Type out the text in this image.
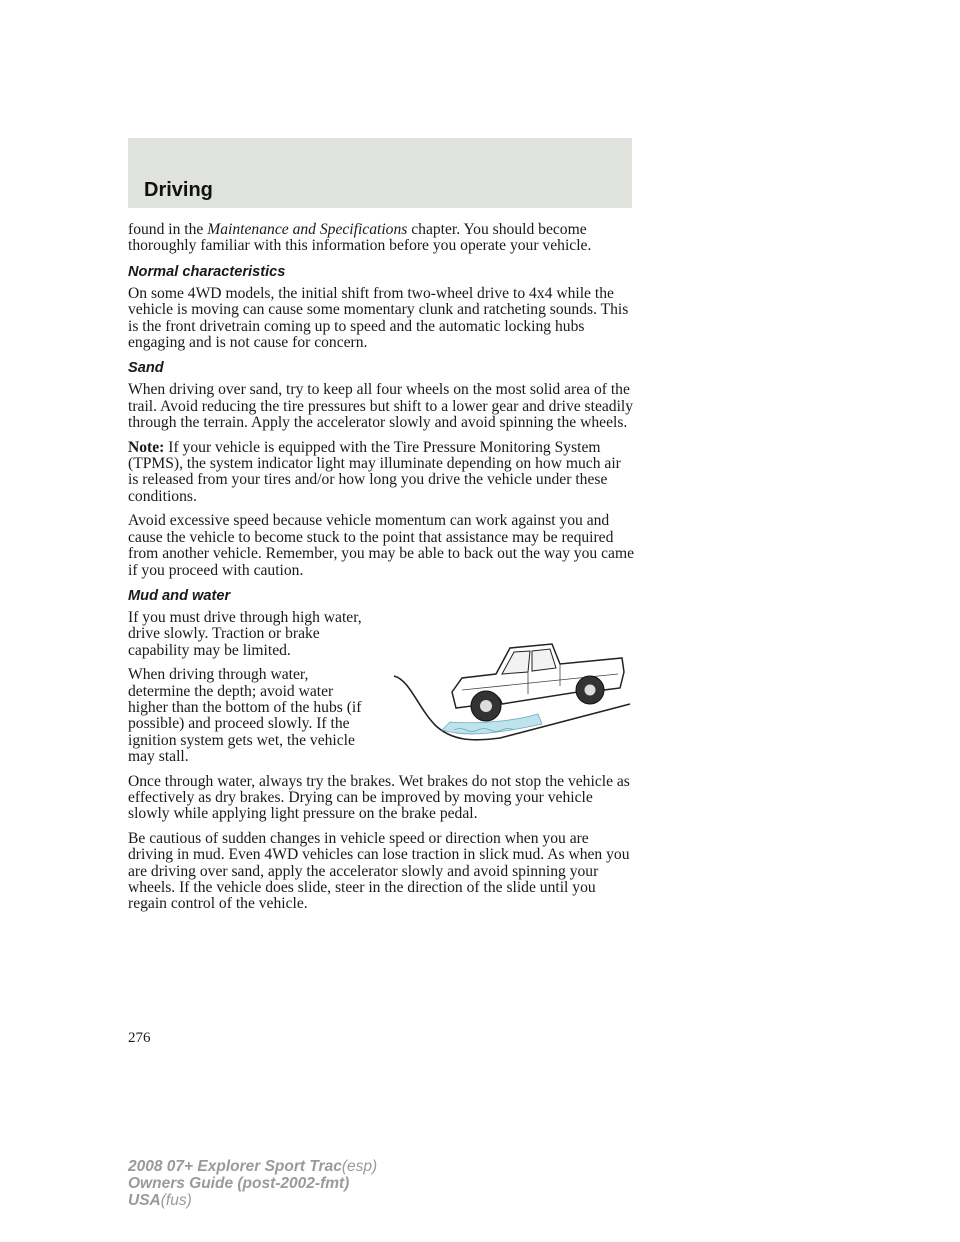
Driving

found in the Maintenance and Specifications chapter. You should become thoroughly familiar with this information before you operate your vehicle.

Normal characteristics

On some 4WD models, the initial shift from two-wheel drive to 4x4 while the vehicle is moving can cause some momentary clunk and ratcheting sounds. This is the front drivetrain coming up to speed and the automatic locking hubs engaging and is not cause for concern.

Sand

When driving over sand, try to keep all four wheels on the most solid area of the trail. Avoid reducing the tire pressures but shift to a lower gear and drive steadily through the terrain. Apply the accelerator slowly and avoid spinning the wheels.

Note: If your vehicle is equipped with the Tire Pressure Monitoring System (TPMS), the system indicator light may illuminate depending on how much air is released from your tires and/or how long you drive the vehicle under these conditions.

Avoid excessive speed because vehicle momentum can work against you and cause the vehicle to become stuck to the point that assistance may be required from another vehicle. Remember, you may be able to back out the way you came if you proceed with caution.

Mud and water

If you must drive through high water, drive slowly. Traction or brake capability may be limited.

When driving through water, determine the depth; avoid water higher than the bottom of the hubs (if possible) and proceed slowly. If the ignition system gets wet, the vehicle may stall.

Once through water, always try the brakes. Wet brakes do not stop the vehicle as effectively as dry brakes. Drying can be improved by moving your vehicle slowly while applying light pressure on the brake pedal.

Be cautious of sudden changes in vehicle speed or direction when you are driving in mud. Even 4WD vehicles can lose traction in slick mud. As when you are driving over sand, apply the accelerator slowly and avoid spinning your wheels. If the vehicle does slide, steer in the direction of the slide until you regain control of the vehicle.

276

2008 07+ Explorer Sport Trac(esp)
Owners Guide (post-2002-fmt)
USA(fus)
